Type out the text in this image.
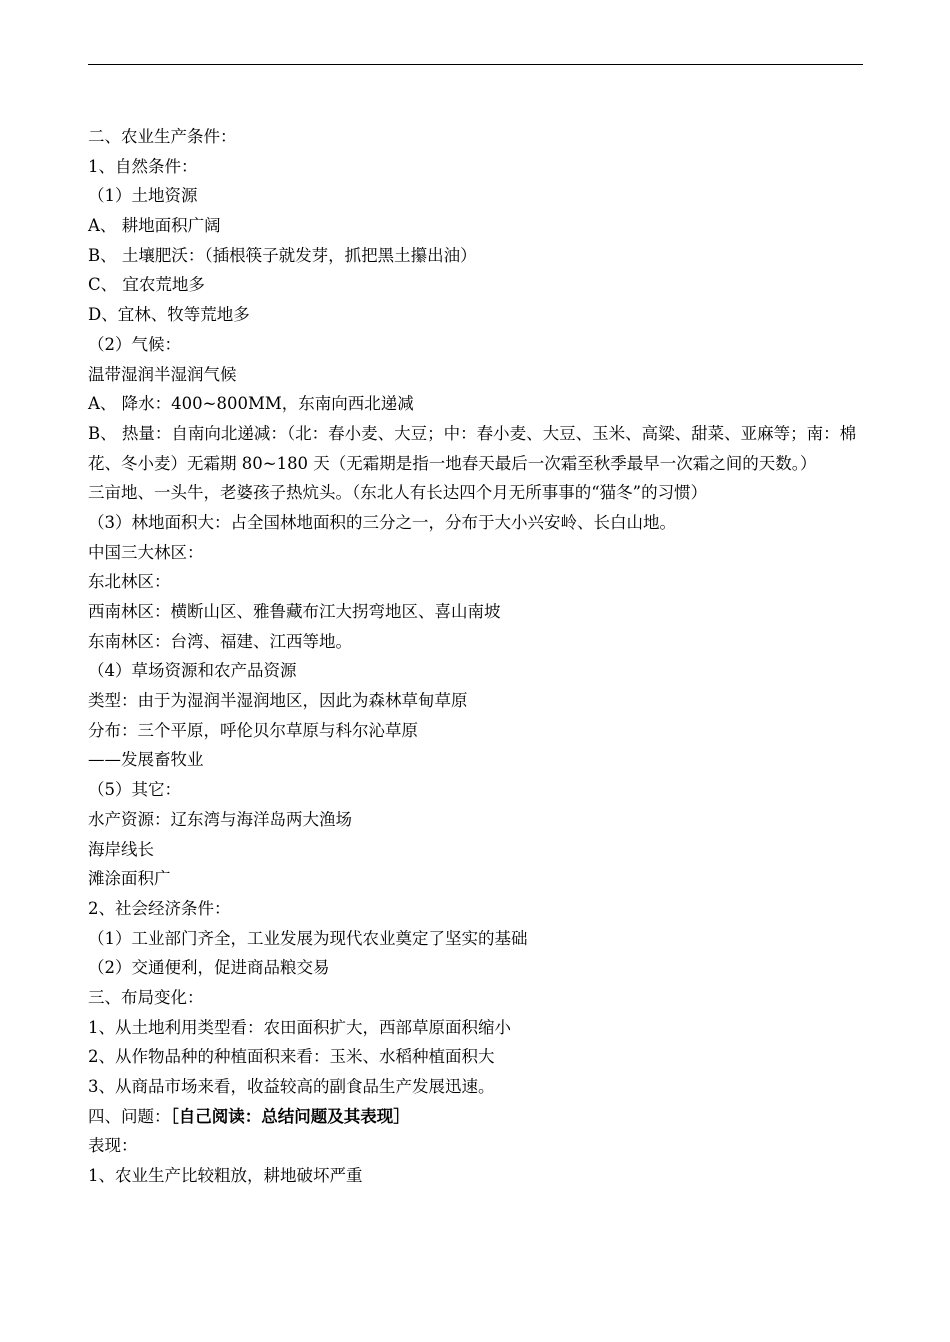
二、农业生产条件：
1、自然条件：
（1）土地资源
A、 耕地面积广阔
B、 土壤肥沃：（插根筷子就发芽，抓把黑土攥出油）
C、 宜农荒地多
D、宜林、牧等荒地多
（2）气候：
温带湿润半湿润气候
A、 降水：400~800MM，东南向西北递减
B、 热量：自南向北递减：（北：春小麦、大豆；中：春小麦、大豆、玉米、高粱、甜菜、亚麻等；南：棉花、冬小麦）无霜期 80~180 天（无霜期是指一地春天最后一次霜至秋季最早一次霜之间的天数。）
三亩地、一头牛，老婆孩子热炕头。（东北人有长达四个月无所事事的“猫冬”的习惯）
（3）林地面积大：占全国林地面积的三分之一，分布于大小兴安岭、长白山地。
中国三大林区：
东北林区：
西南林区：横断山区、雅鲁藏布江大拐弯地区、喜山南坡
东南林区：台湾、福建、江西等地。
（4）草场资源和农产品资源
类型：由于为湿润半湿润地区，因此为森林草甸草原
分布：三个平原，呼伦贝尔草原与科尔沁草原
——发展畜牧业
（5）其它：
水产资源：辽东湾与海洋岛两大渔场
海岸线长
滩涂面积广
2、社会经济条件：
（1）工业部门齐全，工业发展为现代农业奠定了坚实的基础
（2）交通便利，促进商品粮交易
三、布局变化：
1、从土地利用类型看：农田面积扩大，西部草原面积缩小
2、从作物品种的种植面积来看：玉米、水稻种植面积大
3、从商品市场来看，收益较高的副食品生产发展迅速。
四、问题：［自己阅读：总结问题及其表现］
表现：
1、农业生产比较粗放，耕地破坏严重
